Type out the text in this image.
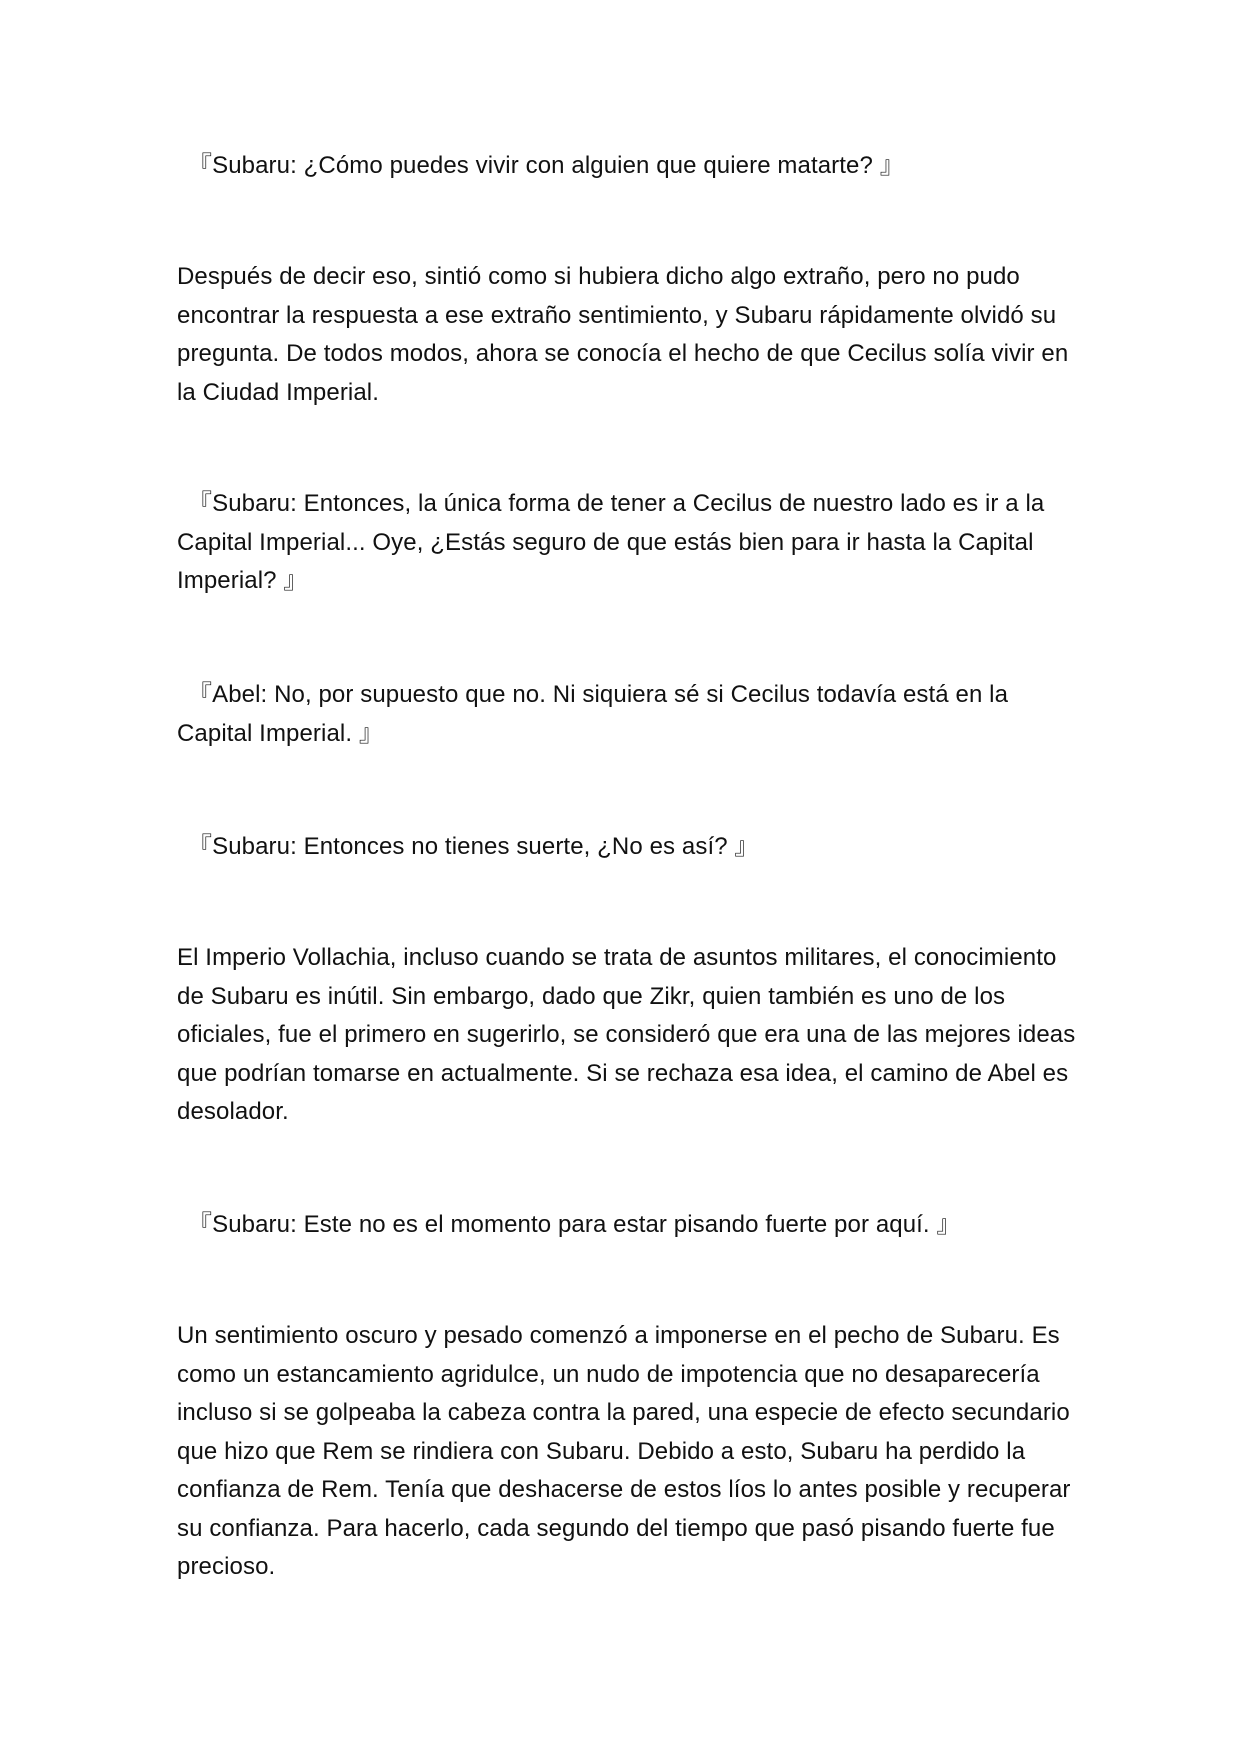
『Subaru: ¿Cómo puedes vivir con alguien que quiere matarte? 』

Después de decir eso, sintió como si hubiera dicho algo extraño, pero no pudo encontrar la respuesta a ese extraño sentimiento, y Subaru rápidamente olvidó su pregunta. De todos modos, ahora se conocía el hecho de que Cecilus solía vivir en la Ciudad Imperial.

『Subaru: Entonces, la única forma de tener a Cecilus de nuestro lado es ir a la Capital Imperial... Oye, ¿Estás seguro de que estás bien para ir hasta la Capital Imperial? 』

『Abel: No, por supuesto que no. Ni siquiera sé si Cecilus todavía está en la Capital Imperial. 』

『Subaru: Entonces no tienes suerte, ¿No es así? 』

El Imperio Vollachia, incluso cuando se trata de asuntos militares, el conocimiento de Subaru es inútil. Sin embargo, dado que Zikr, quien también es uno de los oficiales, fue el primero en sugerirlo, se consideró que era una de las mejores ideas que podrían tomarse en actualmente. Si se rechaza esa idea, el camino de Abel es desolador.

『Subaru: Este no es el momento para estar pisando fuerte por aquí. 』

Un sentimiento oscuro y pesado comenzó a imponerse en el pecho de Subaru. Es como un estancamiento agridulce, un nudo de impotencia que no desaparecería incluso si se golpeaba la cabeza contra la pared, una especie de efecto secundario que hizo que Rem se rindiera con Subaru. Debido a esto, Subaru ha perdido la confianza de Rem. Tenía que deshacerse de estos líos lo antes posible y recuperar su confianza. Para hacerlo, cada segundo del tiempo que pasó pisando fuerte fue precioso.
